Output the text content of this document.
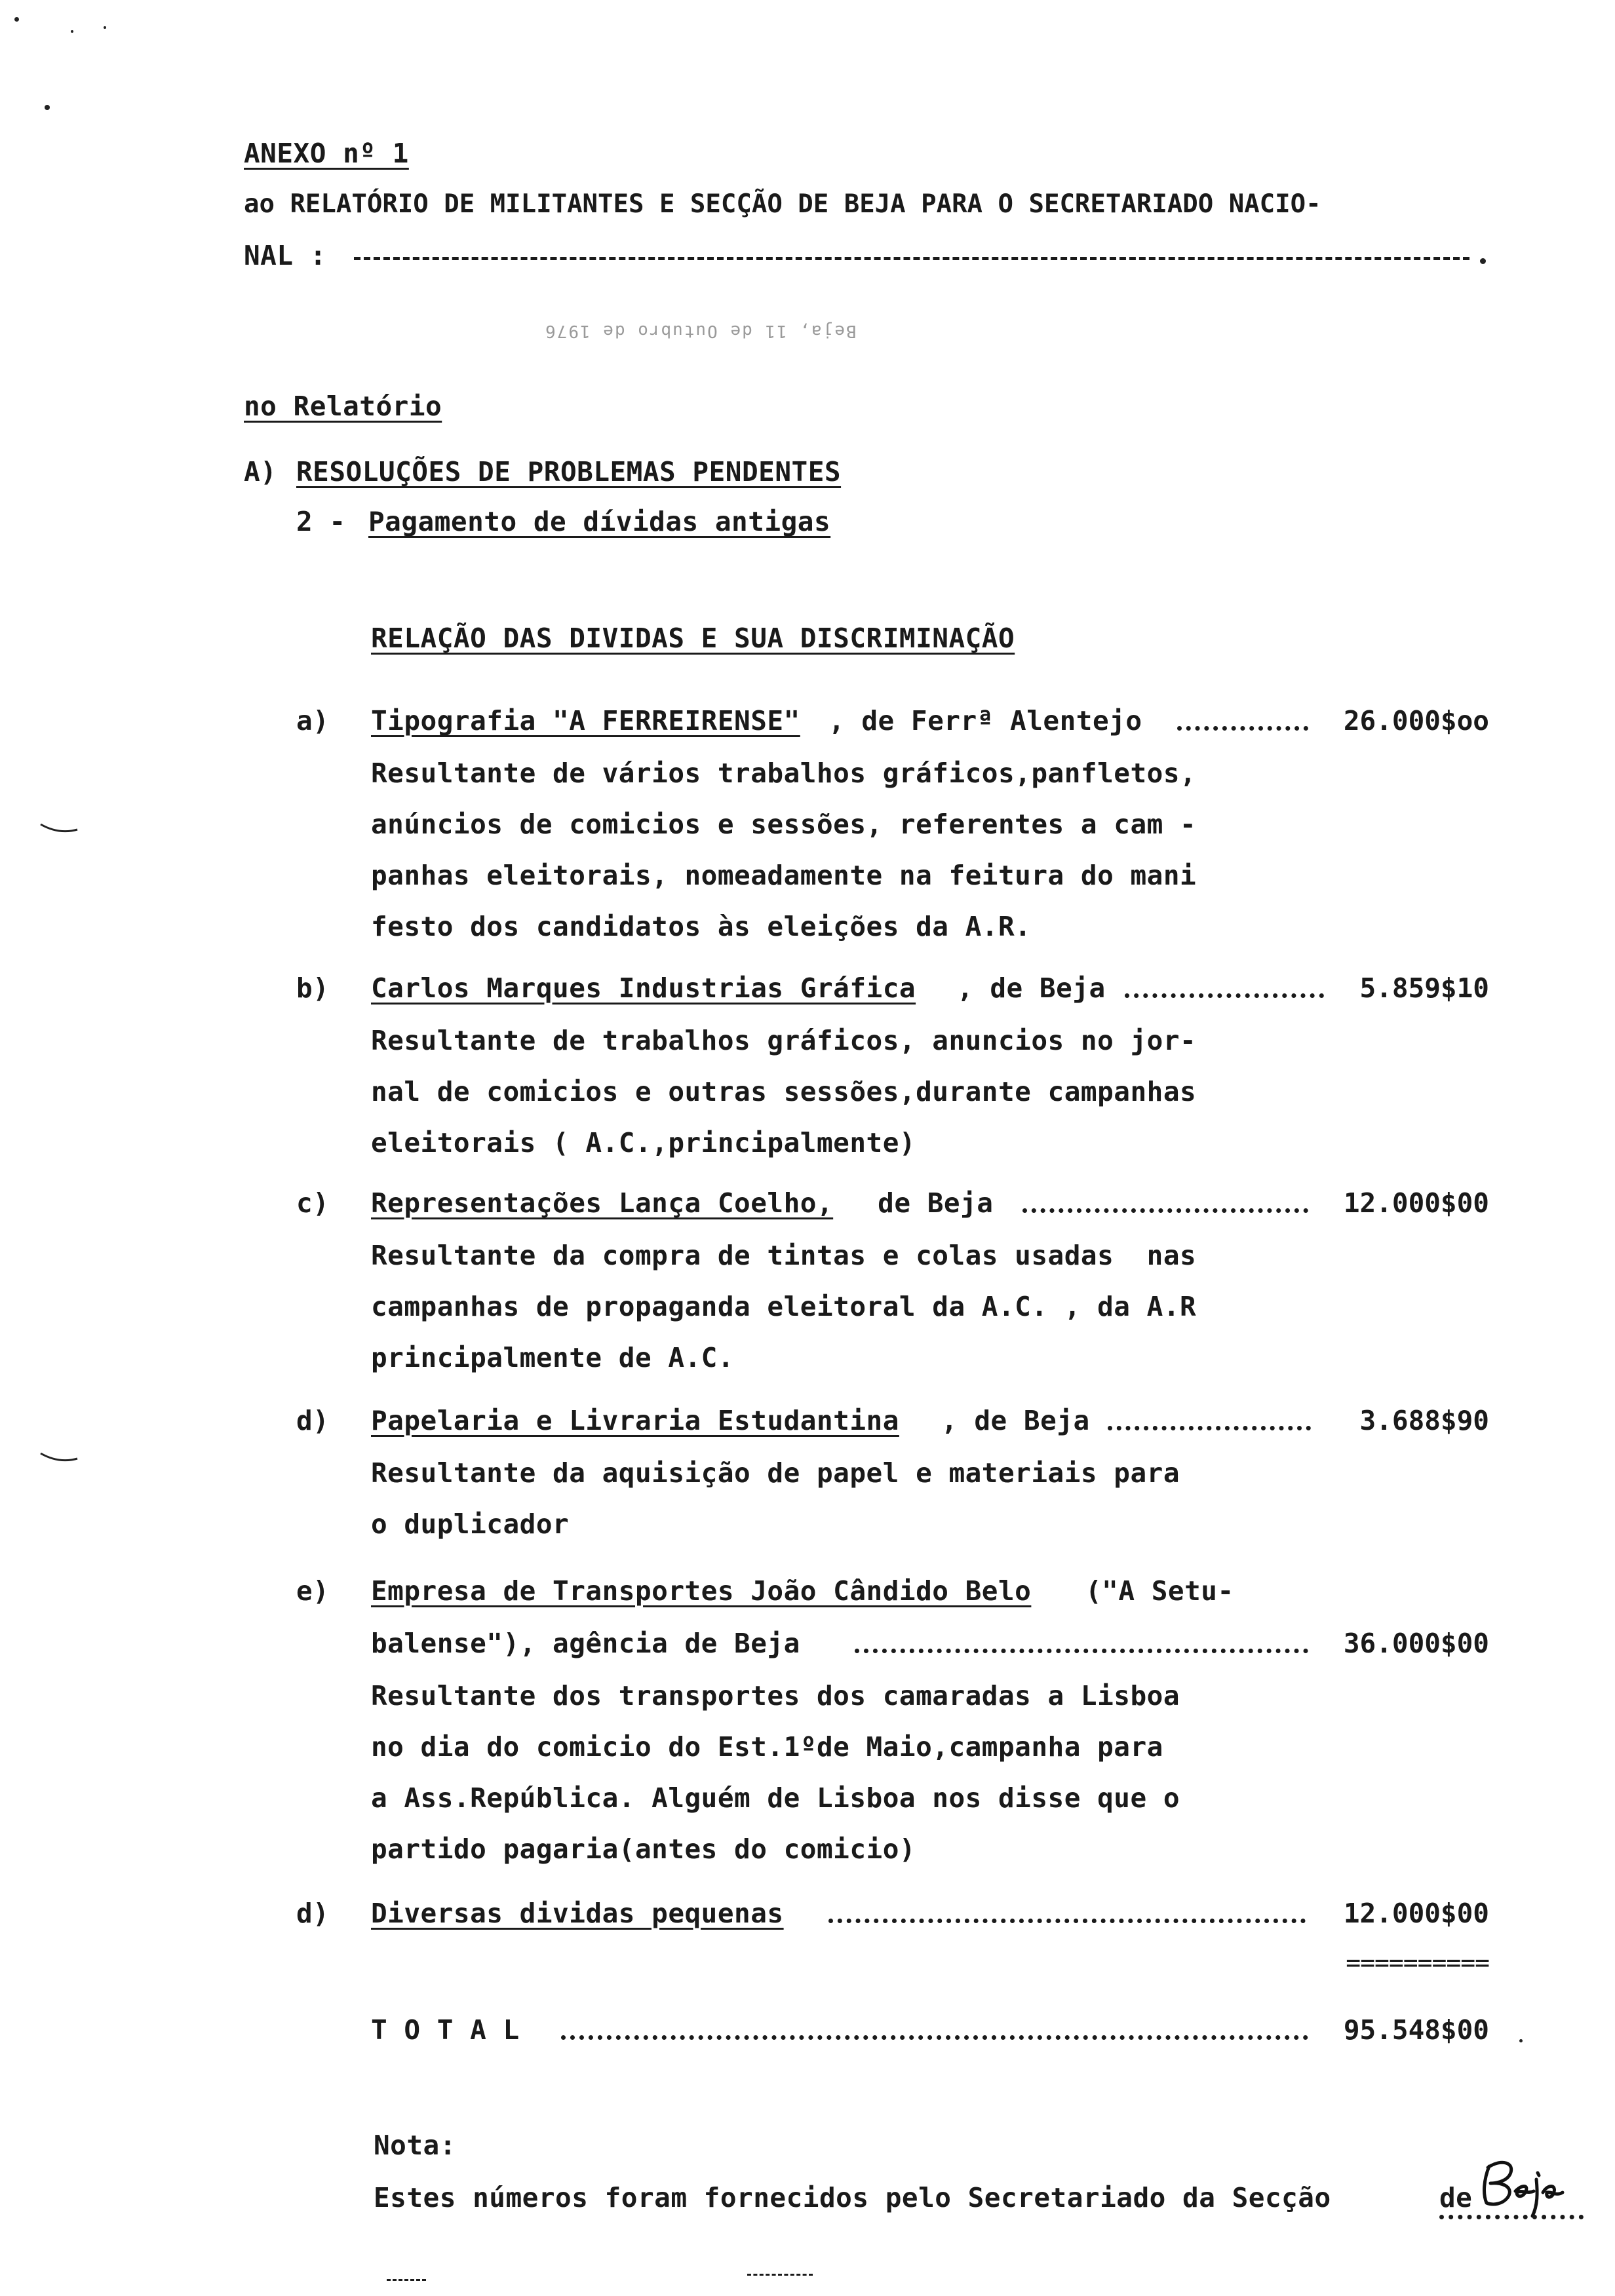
ANEXO nº 1
ao RELATÓRIO DE MILITANTES E SECÇÃO DE BEJA PARA O SECRETARIADO NACIO-
NAL :
Beja, 11 de Outubro de 1976
no Relatório
A) RESOLUÇÕES DE PROBLEMAS PENDENTES
2 - Pagamento de dívidas antigas
RELAÇÃO DAS DIVIDAS E SUA DISCRIMINAÇÃO
a) Tipografia "A FERREIRENSE" , de Ferrª Alentejo	26.000$oo
Resultante de vários trabalhos gráficos,panfletos,
anúncios de comicios e sessões, referentes a cam -
panhas eleitorais, nomeadamente na feitura do mani
festo dos candidatos às eleições da A.R.
b) Carlos Marques Industrias Gráfica , de Beja	5.859$10
Resultante de trabalhos gráficos, anuncios no jor-
nal de comicios e outras sessões,durante campanhas
eleitorais ( A.C.,principalmente)
c) Representações Lança Coelho, de Beja	12.000$00
Resultante da compra de tintas e colas usadas  nas
campanhas de propaganda eleitoral da A.C. , da A.R
principalmente de A.C.
d) Papelaria e Livraria Estudantina , de Beja	3.688$90
Resultante da aquisição de papel e materiais para
o duplicador
e) Empresa de Transportes João Cândido Belo ("A Setu-
balense"), agência de Beja	36.000$00
Resultante dos transportes dos camaradas a Lisboa
no dia do comicio do Est.1ºde Maio,campanha para
a Ass.República. Alguém de Lisboa nos disse que o
partido pagaria(antes do comicio)
d) Diversas dividas pequenas	12.000$00
==========
T O T A L	95.548$00
Nota:
Estes números foram fornecidos pelo Secretariado da Secção	de
